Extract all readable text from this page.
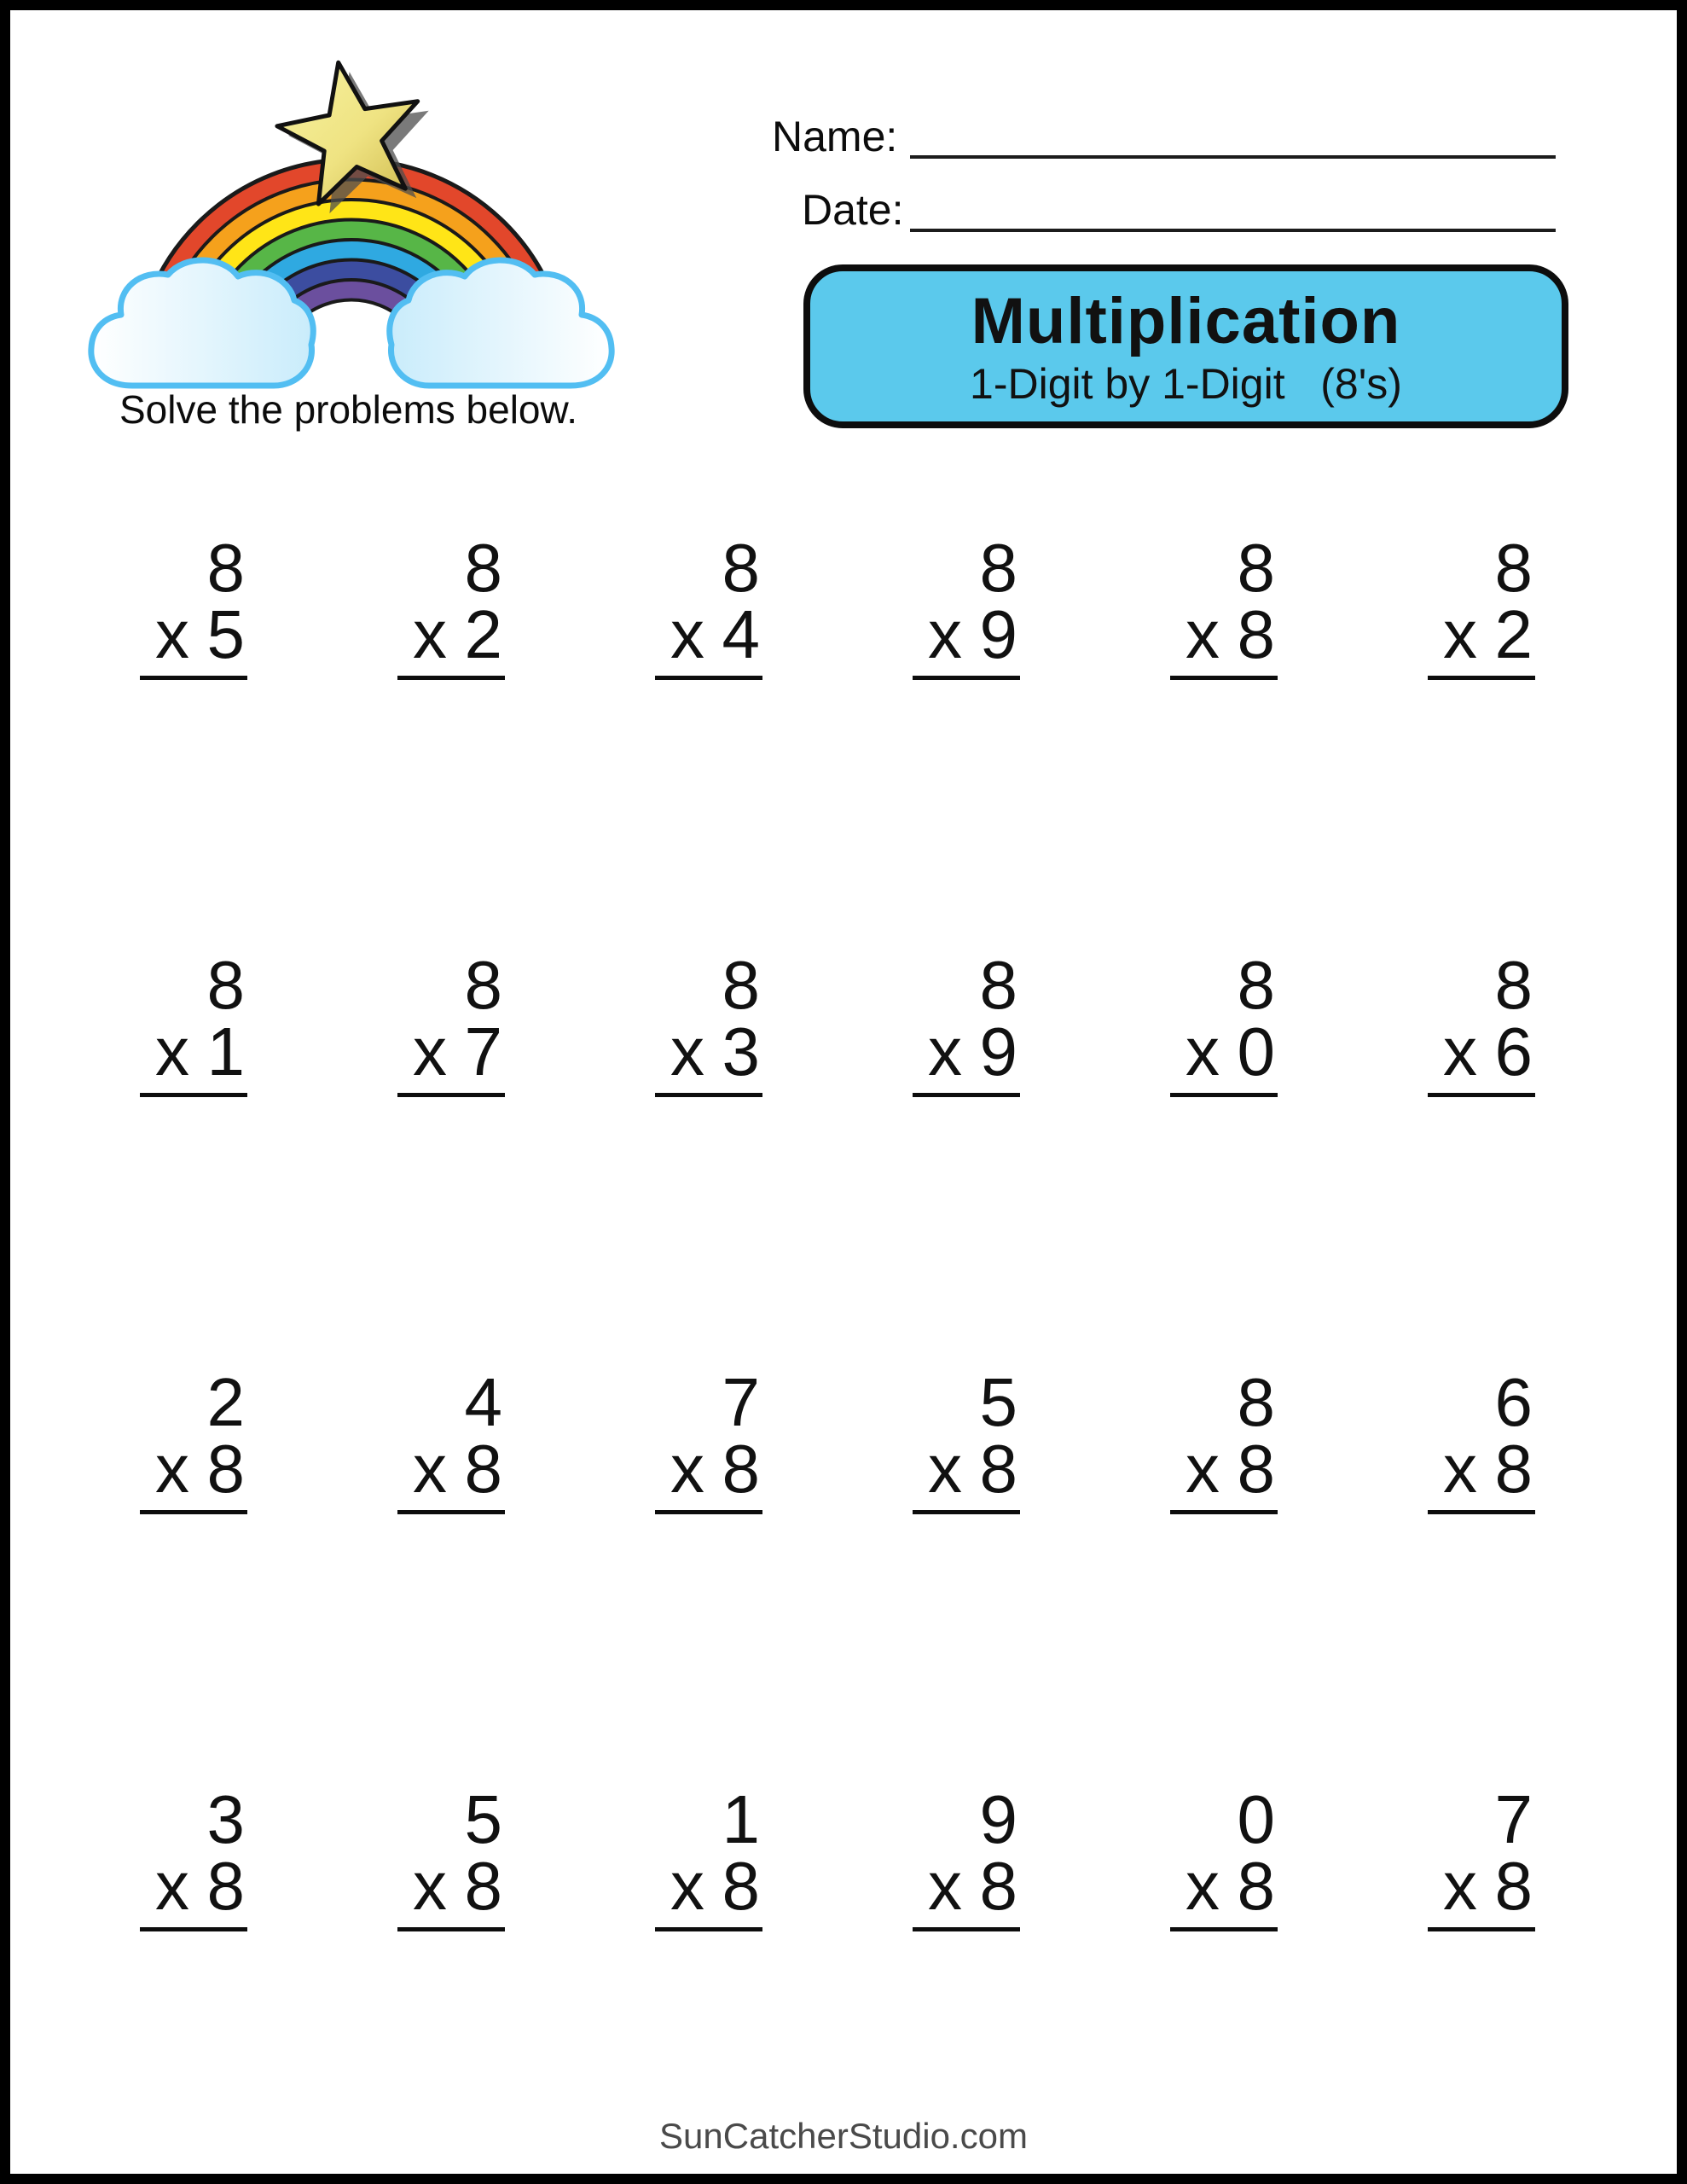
Solve the problems below.
Name:
Date:
Multiplication
1-Digit by 1-Digit   (8's)
8
x 5
8
x 2
8
x 4
8
x 9
8
x 8
8
x 2
8
x 1
8
x 7
8
x 3
8
x 9
8
x 0
8
x 6
2
x 8
4
x 8
7
x 8
5
x 8
8
x 8
6
x 8
3
x 8
5
x 8
1
x 8
9
x 8
0
x 8
7
x 8
SunCatcherStudio.com
